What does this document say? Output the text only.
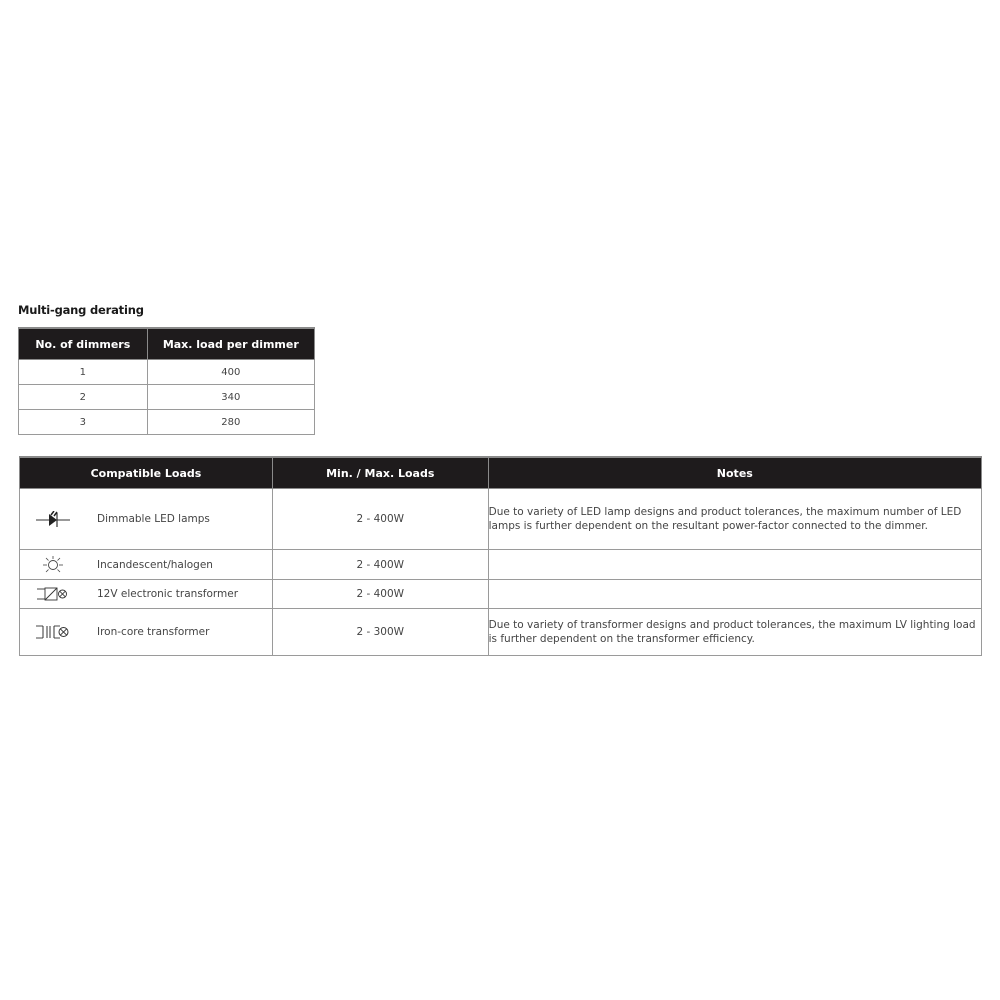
Multi-gang derating
No. of dimmers	Max. load per dimmer
1	400
2	340
3	280
Compatible Loads	Min. / Max. Loads	Notes

Dimmable LED lamps	2 - 400W	Due to variety of LED lamp designs and product tolerances, the maximum number of LED lamps is further dependent on the resultant power-factor connected to the dimmer.

Incandescent/halogen	2 - 400W	

12V electronic transformer	2 - 400W	

Iron-core transformer	2 - 300W	Due to variety of transformer designs and product tolerances, the maximum LV lighting load is further dependent on the transformer efficiency.
